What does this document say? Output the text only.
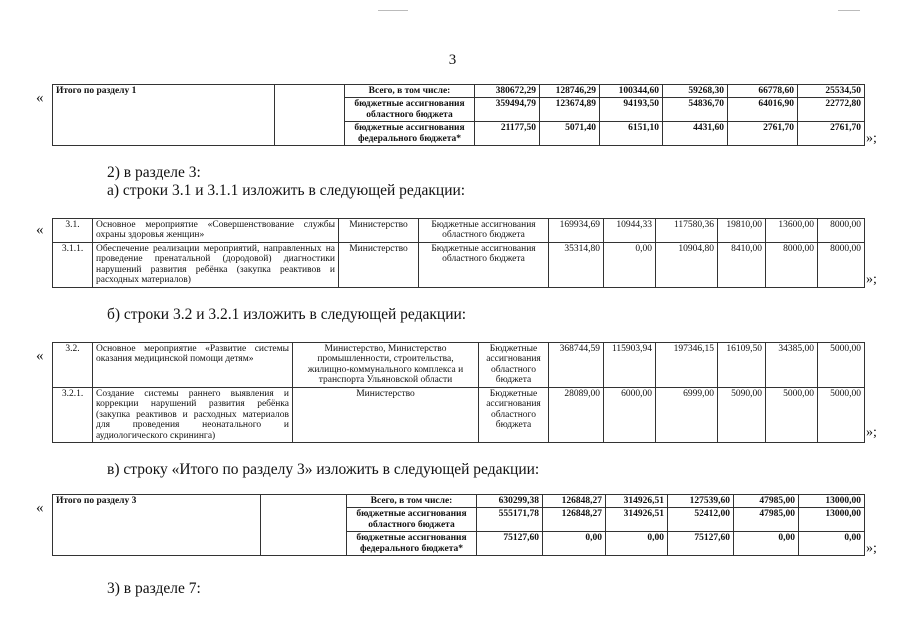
3
« Итого по разделу 1		Всего, в том числе:	380672,29	128746,29	100344,60	59268,30	66778,60	25534,50
		бюджетные ассигнования областного бюджета	359494,79	123674,89	94193,50	54836,70	64016,90	22772,80
		бюджетные ассигнования федерального бюджета*	21177,50	5071,40	6151,10	4431,60	2761,70	2761,70
»;
2) в разделе 3:
а) строки 3.1 и 3.1.1 изложить в следующей редакции:
« 3.1.	Основное мероприятие «Совершенствование службы охраны здоровья женщин»	Министерство	Бюджетные ассигнования областного бюджета	169934,69	10944,33	117580,36	19810,00	13600,00	8000,00
3.1.1.	Обеспечение реализации мероприятий, направленных на проведение пренатальной (дородовой) диагностики нарушений развития ребёнка (закупка реактивов и расходных материалов)	Министерство	Бюджетные ассигнования областного бюджета	35314,80	0,00	10904,80	8410,00	8000,00	8000,00
»;
б) строки 3.2 и 3.2.1 изложить в следующей редакции:
« 3.2.	Основное мероприятие «Развитие системы оказания медицинской помощи детям»	Министерство, Министерство промышленности, строительства, жилищно-коммунального комплекса и транспорта Ульяновской области	Бюджетные ассигнования областного бюджета	368744,59	115903,94	197346,15	16109,50	34385,00	5000,00
3.2.1.	Создание системы раннего выявления и коррекции нарушений развития ребёнка (закупка реактивов и расходных материалов для проведения неонатального и аудиологического скрининга)	Министерство	Бюджетные ассигнования областного бюджета	28089,00	6000,00	6999,00	5090,00	5000,00	5000,00
»;
в) строку «Итого по разделу 3» изложить в следующей редакции:
« Итого по разделу 3		Всего, в том числе:	630299,38	126848,27	314926,51	127539,60	47985,00	13000,00
		бюджетные ассигнования областного бюджета	555171,78	126848,27	314926,51	52412,00	47985,00	13000,00
		бюджетные ассигнования федерального бюджета*	75127,60	0,00	0,00	75127,60	0,00	0,00
»;
3) в разделе 7:
